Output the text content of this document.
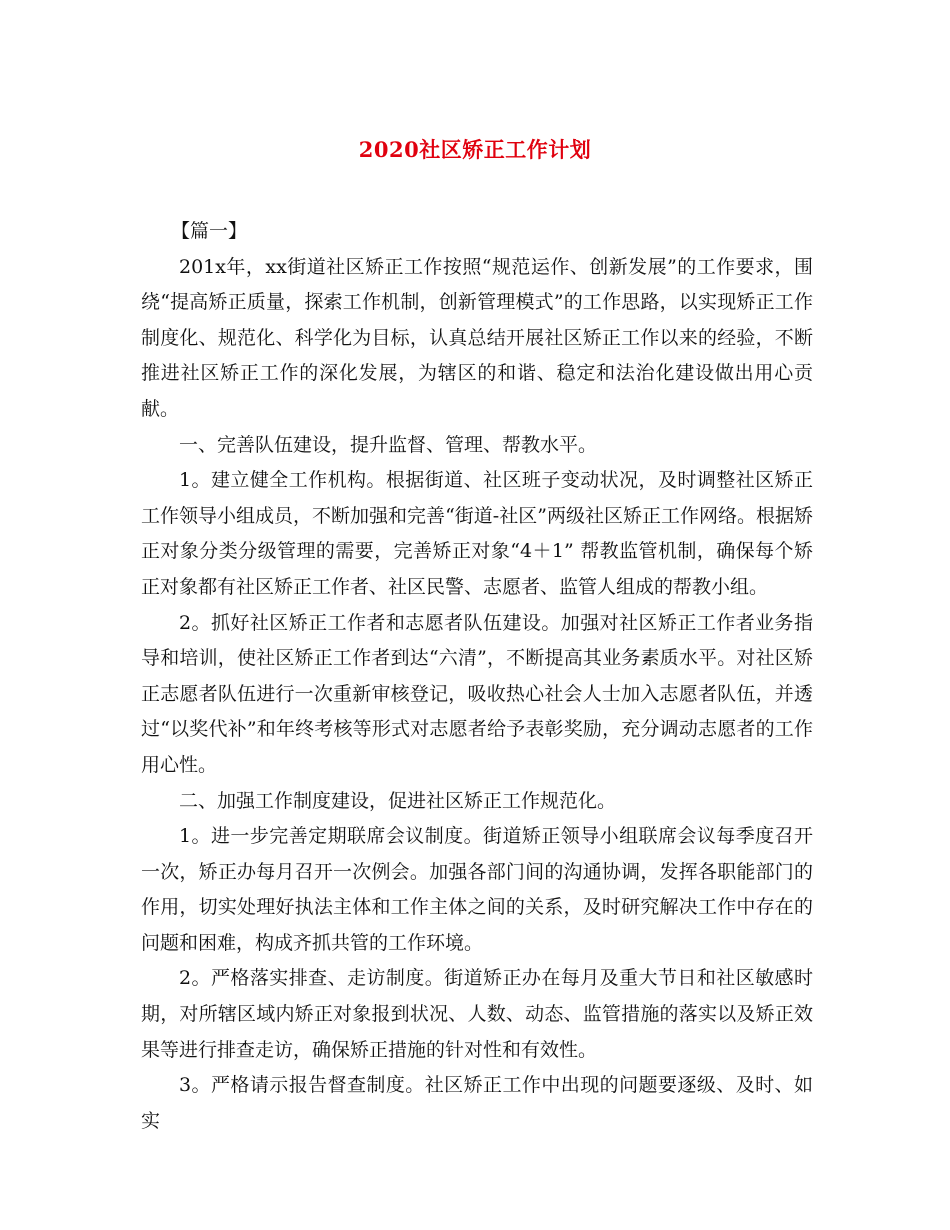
2020社区矫正工作计划

【篇一】

201x年，xx街道社区矫正工作按照“规范运作、创新发展”的工作要求，围绕“提高矫正质量，探索工作机制，创新管理模式”的工作思路，以实现矫正工作制度化、规范化、科学化为目标，认真总结开展社区矫正工作以来的经验，不断推进社区矫正工作的深化发展，为辖区的和谐、稳定和法治化建设做出用心贡献。

一、完善队伍建设，提升监督、管理、帮教水平。

1。建立健全工作机构。根据街道、社区班子变动状况，及时调整社区矫正工作领导小组成员，不断加强和完善“街道-社区”两级社区矫正工作网络。根据矫正对象分类分级管理的需要，完善矫正对象“4＋1” 帮教监管机制，确保每个矫正对象都有社区矫正工作者、社区民警、志愿者、监管人组成的帮教小组。

2。抓好社区矫正工作者和志愿者队伍建设。加强对社区矫正工作者业务指导和培训，使社区矫正工作者到达“六清”，不断提高其业务素质水平。对社区矫正志愿者队伍进行一次重新审核登记，吸收热心社会人士加入志愿者队伍，并透过“以奖代补”和年终考核等形式对志愿者给予表彰奖励，充分调动志愿者的工作用心性。

二、加强工作制度建设，促进社区矫正工作规范化。

1。进一步完善定期联席会议制度。街道矫正领导小组联席会议每季度召开一次，矫正办每月召开一次例会。加强各部门间的沟通协调，发挥各职能部门的作用，切实处理好执法主体和工作主体之间的关系，及时研究解决工作中存在的问题和困难，构成齐抓共管的工作环境。

2。严格落实排查、走访制度。街道矫正办在每月及重大节日和社区敏感时期，对所辖区域内矫正对象报到状况、人数、动态、监管措施的落实以及矫正效果等进行排查走访，确保矫正措施的针对性和有效性。

3。严格请示报告督查制度。社区矫正工作中出现的问题要逐级、及时、如实
